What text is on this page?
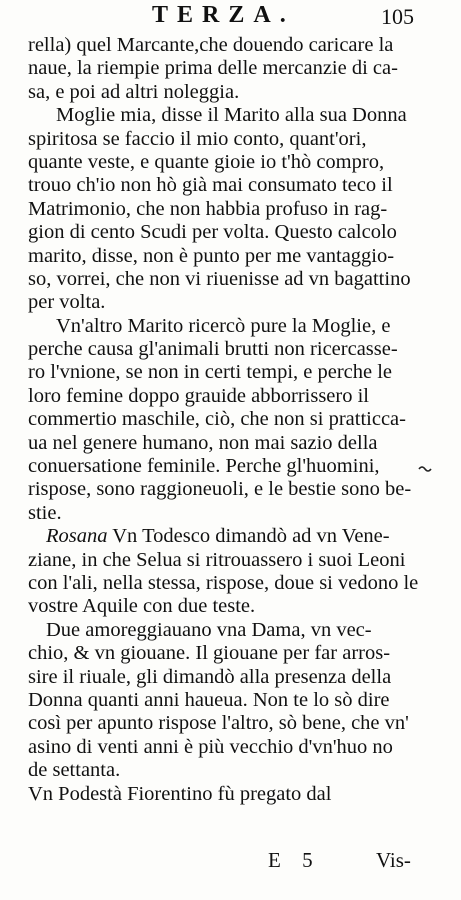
TERZA.	105
rella) quel Marcante,che douendo caricare la
naue, la riempie prima delle mercanzie di ca-
sa, e poi ad altri noleggia.
Moglie mia, disse il Marito alla sua Donna
spiritosa se faccio il mio conto, quant'ori,
quante veste, e quante gioie io t'hò compro,
trouo ch'io non hò già mai consumato teco il
Matrimonio, che non habbia profuso in rag-
gion di cento Scudi per volta. Questo calcolo
marito, disse, non è punto per me vantaggio-
so, vorrei, che non vi riuenisse ad vn bagattino
per volta.
Vn'altro Marito ricercò pure la Moglie, e
perche causa gl'animali brutti non ricercasse-
ro l'vnione, se non in certi tempi, e perche le
loro femine doppo grauide abborrissero il
commertio maschile, ciò, che non si pratticca-
ua nel genere humano, non mai sazio della
conuersatione feminile. Perche gl'huomini,
rispose, sono raggioneuoli, e le bestie sono be-
stie.
Rosana Vn Todesco dimandò ad vn Vene-
ziane, in che Selua si ritrouassero i suoi Leoni
con l'ali, nella stessa, rispose, doue si vedono le
vostre Aquile con due teste.
Due amoreggiauano vna Dama, vn vec-
chio, & vn giouane. Il giouane per far arros-
sire il riuale, gli dimandò alla presenza della
Donna quanti anni haueua. Non te lo sò dire
così per apunto rispose l'altro, sò bene, che vn'
asino di venti anni è più vecchio d'vn'huo no
de settanta.
Vn Podestà Fiorentino fù pregato dal
E 5	Vis-
